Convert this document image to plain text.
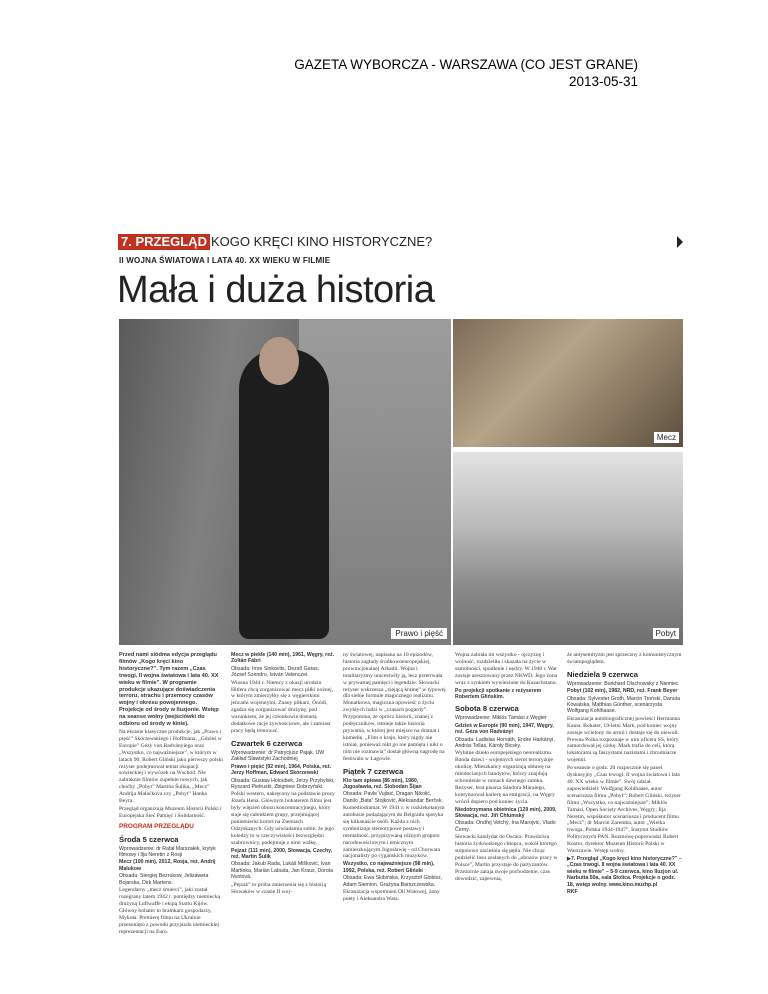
GAZETA WYBORCZA - WARSZAWA (CO JEST GRANE)
2013-05-31
7. PRZEGLĄD KOGO KRĘCI KINO HISTORYCZNE?
II WOJNA ŚWIATOWA I LATA 40. XX WIEKU W FILMIE
Mała i duża historia
Prawo i pięść
Mecz
Pobyt

Przed nami siódma edycja przeglądu filmów „Kogo kręci kino historyczne?”. Tym razem „Czas trwogi. II wojna światowa i lata 40. XX wieku w filmie”. W programie produkcje ukazujące doświadczenia terroru, strachu i przemocy czasów wojny i okresu powojennego. Projekcje od środy w Iluzjonie. Wstęp na seanse wolny (wejściówki do odbioru od środy w kinie).

Na ekranie klasyczne produkcje, jak „Prawo i pięść” Skórzewskiego i Hoffmana, „Gdzieś w Europie” Gézy von Radványiego oraz „Wszystko, co najważniejsze”, w którym w latach 90. Robert Gliński jako pierwszy polski reżyser podejmował temat okupacji sowieckiej i wywózek na Wschód. Nie zabraknie filmów zupełnie nowych, jak choćby „Pobyt” Martina Šulíka, „Mecz” Andrija Malaćkova czy „Pobyt” Hanka Beyra.

Przegląd organizują Muzeum Historii Polski i Europejska Sieć Pamięć i Solidarność.

PROGRAM PRZEGLĄDU

Środa 5 czerwca

Wprowadzenie: dr Rafał Marszałek, krytyk filmowy i Ilja Neretin z Rosji

Mecz (100 min), 2012, Rosja, reż. Andrij Malukow

Obsada: Siergiej Bezrukow, Jelizaweta Bojarska, Dirk Martens.

Legendarny „mecz śmierci”, jaki został rozegrany latem 1942 r. pomiędzy niemiecką drużyną Luftwaffe i ekipą Startu Kijów. Główny bohater to bramkarz gospodarzy, Mykoła. Premierę filmu na Ukrainie przesunięto z powodu przyjazdu niemieckiej reprezentacji na Euro.

Mecz w piekle (140 min), 1961, Węgry, reż. Zoltán Fábri

Obsada: Imre Sinkovits, Dezső Garas, József Szendro, István Velenczei.

Wiosna 1944 r. Niemcy z okazji urodzin Hitlera chcą zorganizować mecz piłki nożnej, w którym zmierzyłby się z węgierskimi jeńcami wojennymi. Znany piłkarz, Ónódi, zgadza się zorganizować drużynę, pod warunkiem, że jej członkowie dostaną dodatkowe racje żywnościowe, ale i zamiast pracy będą trenować.

Czwartek 6 czerwca

Wprowadzenie: dr Patrycjusz Pająk, UW Zakład Slawistyki Zachodniej

Prawo i pięść (92 min), 1964, Polska, reż. Jerzy Hoffman, Edward Skórzewski

Obsada: Gustaw Holoubek, Jerzy Przybylski, Ryszard Pietruski, Zbigniew Dobrzyński.

Polski western, nakręcony na podstawie prozy Józefa Hena. Głównym bohaterem filmu jest były więzień obozu koncentracyjnego, który staje się całonkiem grupy, przejmującej poniemiecki kurort na Ziemiach Odzyskanych. Gdy uświadamia sobie, że jego koledzy to w rzeczywistości bezwzględni szabrownicy, podejmuje z nimi walkę.

Pejzaż (111 min), 2000, Słowacja, Czechy, reż. Martin Šulík

Obsada: Jakub Rada, Lukáš Mišković, Ivan Martinka, Marián Labuda, Jan Kraus, Dorota Nvotová.

„Pejzaż” to próba zmierzenia się z historią Słowaków w czasie II woj-

ny światowej, napisana na 10 epizodów, historia zagłady środkowoeuropejskiej, prowincjonalnej Arkadii. Wojna i totalitaryzmy unicestwiły ją, lecz przetrwała w prywatnej pamięci i legendzie. Słowacki reżyser wskrzesza „ziejącą krainę” w typowej dla siebie formule magicznego realizmu. Monatkowa, magiczna opowieść o życiu zwykłych ludzi w „czasach pogardy”. Przypomina, że oprócz historii, znanej z podręczników, istnieje także historia prywatna, w której jest miejsce na dramat i komedię. „Film o kraju, który nigdy nie istniał, ponieważ nikt go nie pamięta i nikt o nim nie rozmawia” dostał główną nagrodę na festiwalu w Łagowie.

Piątek 7 czerwca

Kto tam śpiewa (86 min), 1980, Jugosławia, reż. Slobodan Šijan

Obsada: Pavle Vujisić, Dragan Nikolić, Danilo „Bata” Stojković, Aleksandar Berček.

Komediodramat. W 1941 r. w rozklekotanym autobusie podążającym do Belgradu spotyka się kilkanaście osób. Każda z nich symbolizuje stereotypowe postawy i mentalność, przypisywaną różnym grupom narodowościowym i etnicznym zamieszkującym Jugosławię - od Chorwata nacjonalisty po cygańskich muzyków.

Wszystko, co najważniejsze (98 min), 1992, Polska, reż. Robert Gliński

Obsada: Ewa Skibińska, Krzysztof Globisz, Adam Siemion, Grażyna Barszczewska.

Ekranizacja wspomnień Oli Watowej, żony poety i Aleksandra Wata.

Wojna zabrała im wszystko - ojczyznę i wolność, rozdzieliła i skazała na życie w samotności, spodlenie i nędzy. W 1940 r. Wat zostaje aresztowany przez NKWD. Jego żona wraz z synkiem wywiezione do Kazachstanu.

Po projekcji spotkanie z reżyserem Robertem Glińskim.

Sobota 8 czerwca

Wprowadzenie: Miklós Tamási z Węgier

Gdzieś w Europie (90 min), 1947, Węgry, reż. Géza von Radványi

Obsada: Ladislas Horváth, Endre Harkányi, András Tollas, Károly Bicsky.

Wybitne dzieło europejskiego neorealizmu. Banda dzieci - wojennych sierot terroryzuje okolicę. Mieszkańcy organizują obławę na młodocianych bandytów, którzy znajdują schronienie w ruinach dawnego zamku. Reżyser, brat pisarza Sándora Máraiego, kontynuował karierę na emigracji, na Węgry wrócił dopiero pod koniec życia.

Niedotrzymana obietnica (129 min), 2009, Słowacja, reż. Jiří Chlumský

Obsada: Ondřej Vetchý, Ina Marojvic, Vlado Černý.

Słowacki kandydat do Oscara. Prawdziwa historia żydowskiego chłopca, wokół którego stopniowo zacieśnia się pętla. Nie chcąc podzielić losu zesłanych do „obozów pracy w Polsce”, Martin przystaje do partyzantów. Przezornie zataja swoje pochodzenie, czas dowodzić, zapewnia,

że antysemityzm jest sprzeczny z komunistycznym światopoglądem.

Niedziela 9 czerwca

Wprowadzenie: Burkhard Olschowsky z Niemiec

Pobyt (102 min), 1982, NRD, reż. Frank Beyer

Obsada: Sylvester Groth, Marcin Troński, Danuta Kowalska, Matthias Günther, scenarzysta Wolfgang Kohlhaase.

Ekranizacja autobiograficznej powieści Hermanna Kanta. Bohater, 19-letni Mark, pod koniec wojny zostaje wcielony do armii i dostaje się do niewoli. Prewna Polka rozpoznaje w nim oficera SS, który zamordował jej córkę. Mark trafia do celi, którą lokatorami są faszystami nazistami i zbrodniarze wojenni.

Po seansie o godz. 20 rozpocznie się panel dyskusyjny „Czas trwogi. II wojna światowa i lata 40. XX wieku w filmie”. Swój udział zapowiedzieli: Wolfgang Kohlhaase, autor scenariusza filmu „Pobyt”; Robert Gliński, reżyser filmu „Wszystko, co najważniejsze”; Miklós Tamási, Open Society Archives, Węgry; Ilja Neretin, współautor scenariusza i producent filmu „Mecz”; dr Marcin Zaremba, autor „Wielka trwoga. Polska 1944-1947”, Instytut Studiów Politycznych PAN. Rozmowę poprowadzi Robert Kostro, dyrektor Muzeum Historii Polski w Warszawie. Wstęp wolny.

▶7. Przegląd „Kogo kręci kino historyczne?” – „Czas trwogi. II wojna światowa i lata 40. XX wieku w filmie” – 5-9 czerwca, kino Iluzjon ul. Narbutta 50a, sala Stolica. Projekcje o godz. 18, wstęp wolny. www.kino.muzhp.pl

RKF
